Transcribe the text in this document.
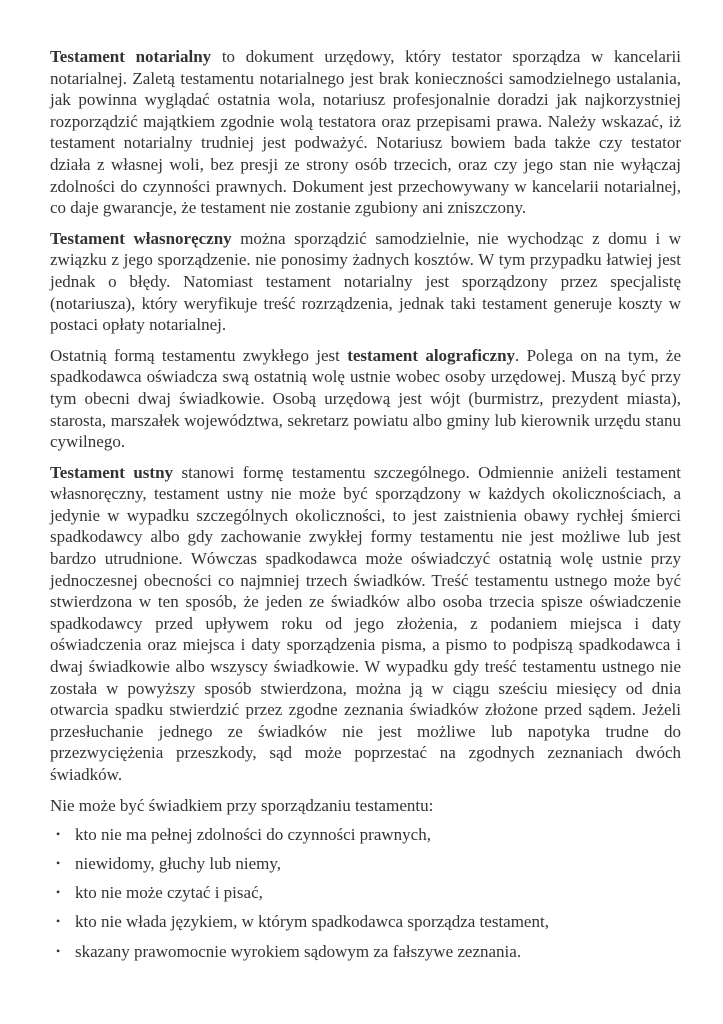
Testament notarialny to dokument urzędowy, który testator sporządza w kancelarii notarialnej. Zaletą testamentu notarialnego jest brak konieczności samodzielnego ustalania, jak powinna wyglądać ostatnia wola, notariusz profesjonalnie doradzi jak najkorzystniej rozporządzić majątkiem zgodnie wolą testatora oraz przepisami prawa. Należy wskazać, iż testament notarialny trudniej jest podważyć. Notariusz bowiem bada także czy testator działa z własnej woli, bez presji ze strony osób trzecich, oraz czy jego stan nie wyłączaj zdolności do czynności prawnych. Dokument jest przechowywany w kancelarii notarialnej, co daje gwarancje, że testament nie zostanie zgubiony ani zniszczony.

Testament własnoręczny można sporządzić samodzielnie, nie wychodząc z domu i w związku z jego sporządzenie. nie ponosimy żadnych kosztów. W tym przypadku łatwiej jest jednak o błędy. Natomiast testament notarialny jest sporządzony przez specjalistę (notariusza), który weryfikuje treść rozrządzenia, jednak taki testament generuje koszty w postaci opłaty notarialnej.

Ostatnią formą testamentu zwykłego jest testament alograficzny. Polega on na tym, że spadkodawca oświadcza swą ostatnią wolę ustnie wobec osoby urzędowej. Muszą być przy tym obecni dwaj świadkowie. Osobą urzędową jest wójt (burmistrz, prezydent miasta), starosta, marszałek województwa, sekretarz powiatu albo gminy lub kierownik urzędu stanu cywilnego.

Testament ustny stanowi formę testamentu szczególnego. Odmiennie aniżeli testament własnoręczny, testament ustny nie może być sporządzony w każdych okolicznościach, a jedynie w wypadku szczególnych okoliczności, to jest zaistnienia obawy rychłej śmierci spadkodawcy albo gdy zachowanie zwykłej formy testamentu nie jest możliwe lub jest bardzo utrudnione. Wówczas spadkodawca może oświadczyć ostatnią wolę ustnie przy jednoczesnej obecności co najmniej trzech świadków. Treść testamentu ustnego może być stwierdzona w ten sposób, że jeden ze świadków albo osoba trzecia spisze oświadczenie spadkodawcy przed upływem roku od jego złożenia, z podaniem miejsca i daty oświadczenia oraz miejsca i daty sporządzenia pisma, a pismo to podpiszą spadkodawca i dwaj świadkowie albo wszyscy świadkowie. W wypadku gdy treść testamentu ustnego nie została w powyższy sposób stwierdzona, można ją w ciągu sześciu miesięcy od dnia otwarcia spadku stwierdzić przez zgodne zeznania świadków złożone przed sądem. Jeżeli przesłuchanie jednego ze świadków nie jest możliwe lub napotyka trudne do przezwyciężenia przeszkody, sąd może poprzestać na zgodnych zeznaniach dwóch świadków.

Nie może być świadkiem przy sporządzaniu testamentu:

• kto nie ma pełnej zdolności do czynności prawnych,
• niewidomy, głuchy lub niemy,
• kto nie może czytać i pisać,
• kto nie włada językiem, w którym spadkodawca sporządza testament,
• skazany prawomocnie wyrokiem sądowym za fałszywe zeznania.
